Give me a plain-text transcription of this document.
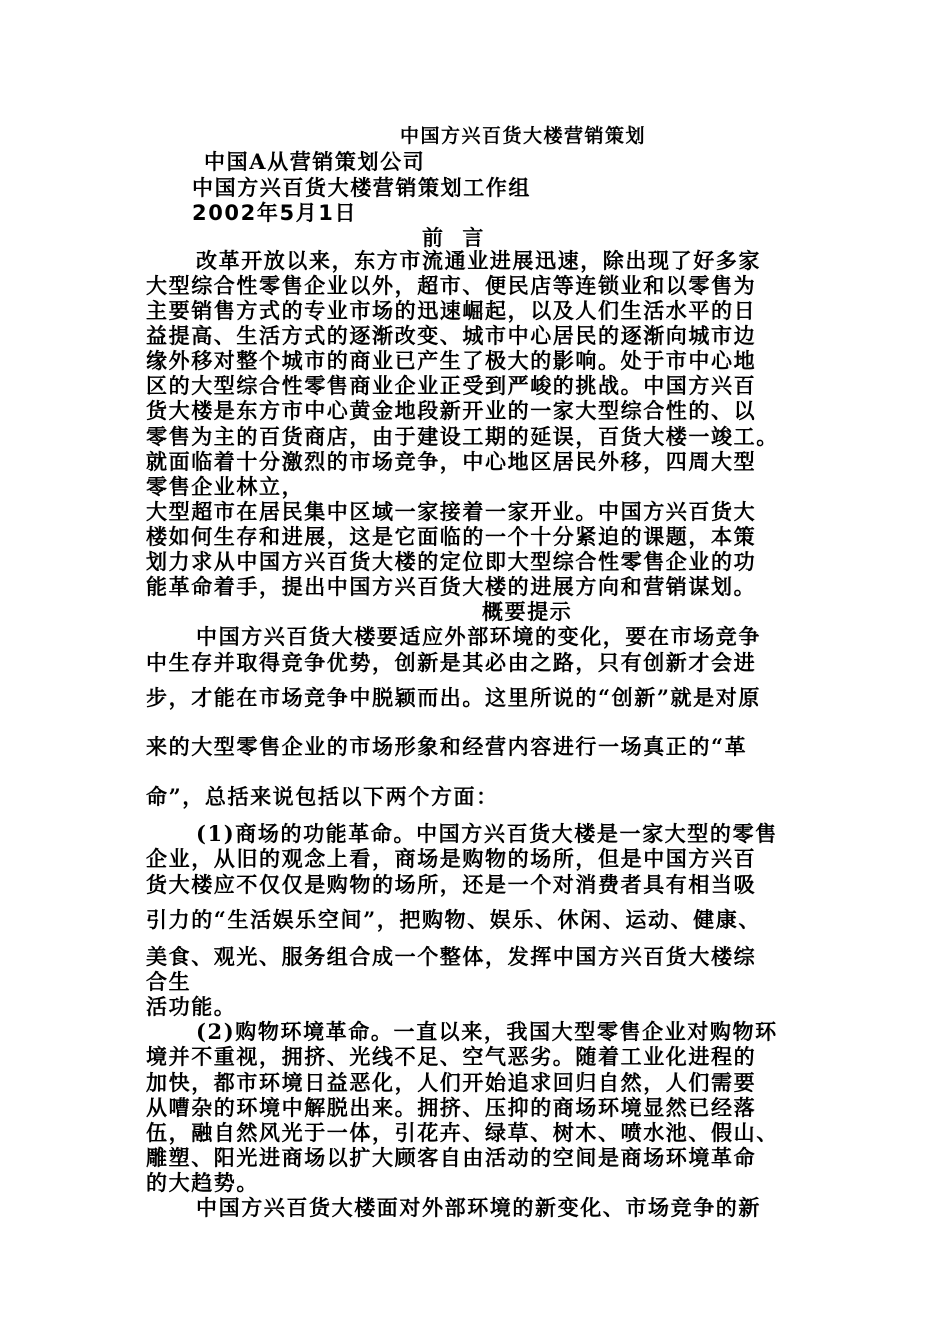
中国方兴百货大楼营销策划
中国A从营销策划公司
中国方兴百货大楼营销策划工作组
2002年5月1日
前  言
改革开放以来，东方市流通业进展迅速，除出现了好多家
大型综合性零售企业以外，超市、便民店等连锁业和以零售为
主要销售方式的专业市场的迅速崛起，以及人们生活水平的日
益提高、生活方式的逐渐改变、城市中心居民的逐渐向城市边
缘外移对整个城市的商业已产生了极大的影响。处于市中心地
区的大型综合性零售商业企业正受到严峻的挑战。中国方兴百
货大楼是东方市中心黄金地段新开业的一家大型综合性的、以
零售为主的百货商店，由于建设工期的延误，百货大楼一竣工。
就面临着十分激烈的市场竞争，中心地区居民外移，四周大型
零售企业林立，
大型超市在居民集中区域一家接着一家开业。中国方兴百货大
楼如何生存和进展，这是它面临的一个十分紧迫的课题，本策
划力求从中国方兴百货大楼的定位即大型综合性零售企业的功
能革命着手，提出中国方兴百货大楼的进展方向和营销谋划。
概要提示
中国方兴百货大楼要适应外部环境的变化，要在市场竞争
中生存并取得竞争优势，创新是其必由之路，只有创新才会进
步，才能在市场竞争中脱颖而出。这里所说的“创新”就是对原
来的大型零售企业的市场形象和经营内容进行一场真正的“革
命”，总括来说包括以下两个方面：
(1)商场的功能革命。中国方兴百货大楼是一家大型的零售
企业，从旧的观念上看，商场是购物的场所，但是中国方兴百
货大楼应不仅仅是购物的场所，还是一个对消费者具有相当吸
引力的“生活娱乐空间”，把购物、娱乐、休闲、运动、健康、
美食、观光、服务组合成一个整体，发挥中国方兴百货大楼综
合生
活功能。
(2)购物环境革命。一直以来，我国大型零售企业对购物环
境并不重视，拥挤、光线不足、空气恶劣。随着工业化进程的
加快，都市环境日益恶化，人们开始追求回归自然，人们需要
从嘈杂的环境中解脱出来。拥挤、压抑的商场环境显然已经落
伍，融自然风光于一体，引花卉、绿草、树木、喷水池、假山、
雕塑、阳光进商场以扩大顾客自由活动的空间是商场环境革命
的大趋势。
中国方兴百货大楼面对外部环境的新变化、市场竞争的新
